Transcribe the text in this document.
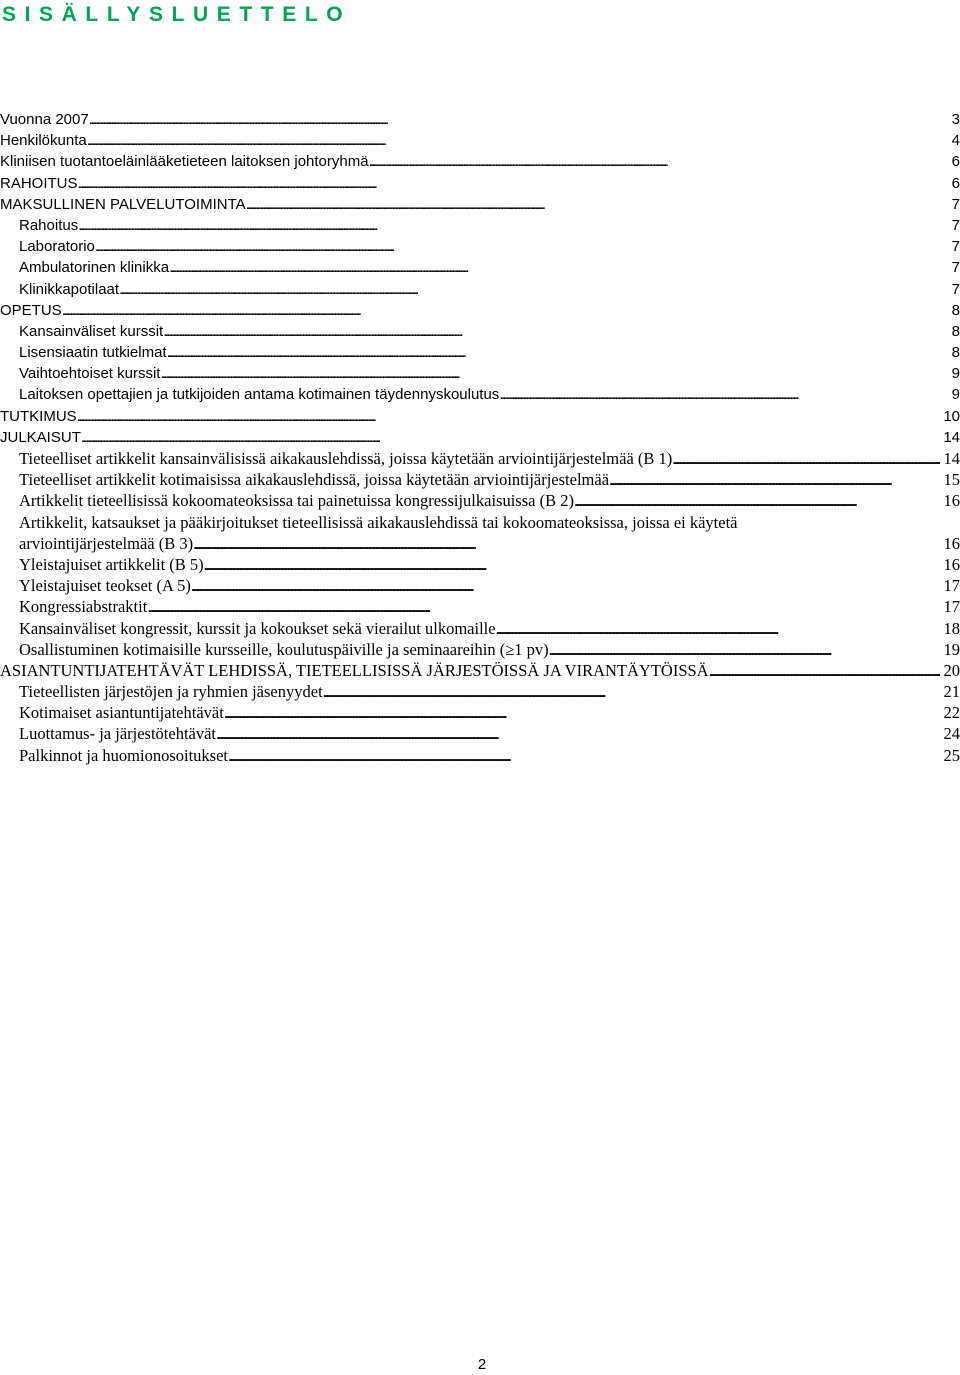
SISÄLLYSLUETTELO
Vuonna 2007 . . .	3
Henkilökunta . . .	4
Kliniisen tuotantoeläinlääketieteen laitoksen johtoryhmä . . .	6
RAHOITUS . . .	6
MAKSULLINEN PALVELUTOIMINTA . . .	7
Rahoitus . . .	7
Laboratorio . . .	7
Ambulatorinen klinikka . . .	7
Klinikkapotilaat . . .	7
OPETUS . . .	8
Kansainväliset kurssit . . .	8
Lisensiaatin tutkielmat . . .	8
Vaihtoehtoiset kurssit . . .	9
Laitoksen opettajien ja tutkijoiden antama kotimainen täydennyskoulutus . . .	9
TUTKIMUS . . .	10
JULKAISUT . . .	14
Tieteelliset artikkelit kansainvälisissä aikakauslehdissä, joissa käytetään arviointijärjestelmää (B 1) . . .	14
Tieteelliset artikkelit kotimaisissa aikakauslehdissä, joissa käytetään arviointijärjestelmää . . .	15
Artikkelit tieteellisissä kokoomateoksissa tai painetuissa kongressijulkaisuissa (B 2) . . .	16
Artikkelit, katsaukset ja pääkirjoitukset tieteellisissä aikakauslehdissä tai kokoomateoksissa, joissa ei käytetä
arviointijärjestelmää (B 3) . . .	16
Yleistajuiset artikkelit (B 5) . . .	16
Yleistajuiset teokset (A 5) . . .	17
Kongressiabstraktit . . .	17
Kansainväliset kongressit, kurssit ja kokoukset sekä vierailut ulkomaille . . .	18
Osallistuminen kotimaisille kursseille, koulutuspäiville ja seminaareihin (≥1 pv) . . .	19
ASIANTUNTIJATEHTÄVÄT LEHDISSÄ, TIETEELLISISSÄ JÄRJESTÖISSÄ JA VIRANTÄYTÖISSÄ . . .	20
Tieteellisten järjestöjen ja ryhmien jäsenyydet . . .	21
Kotimaiset asiantuntijatehtävät . . .	22
Luottamus- ja järjestötehtävät . . .	24
Palkinnot ja huomionosoitukset . . .	25
2
